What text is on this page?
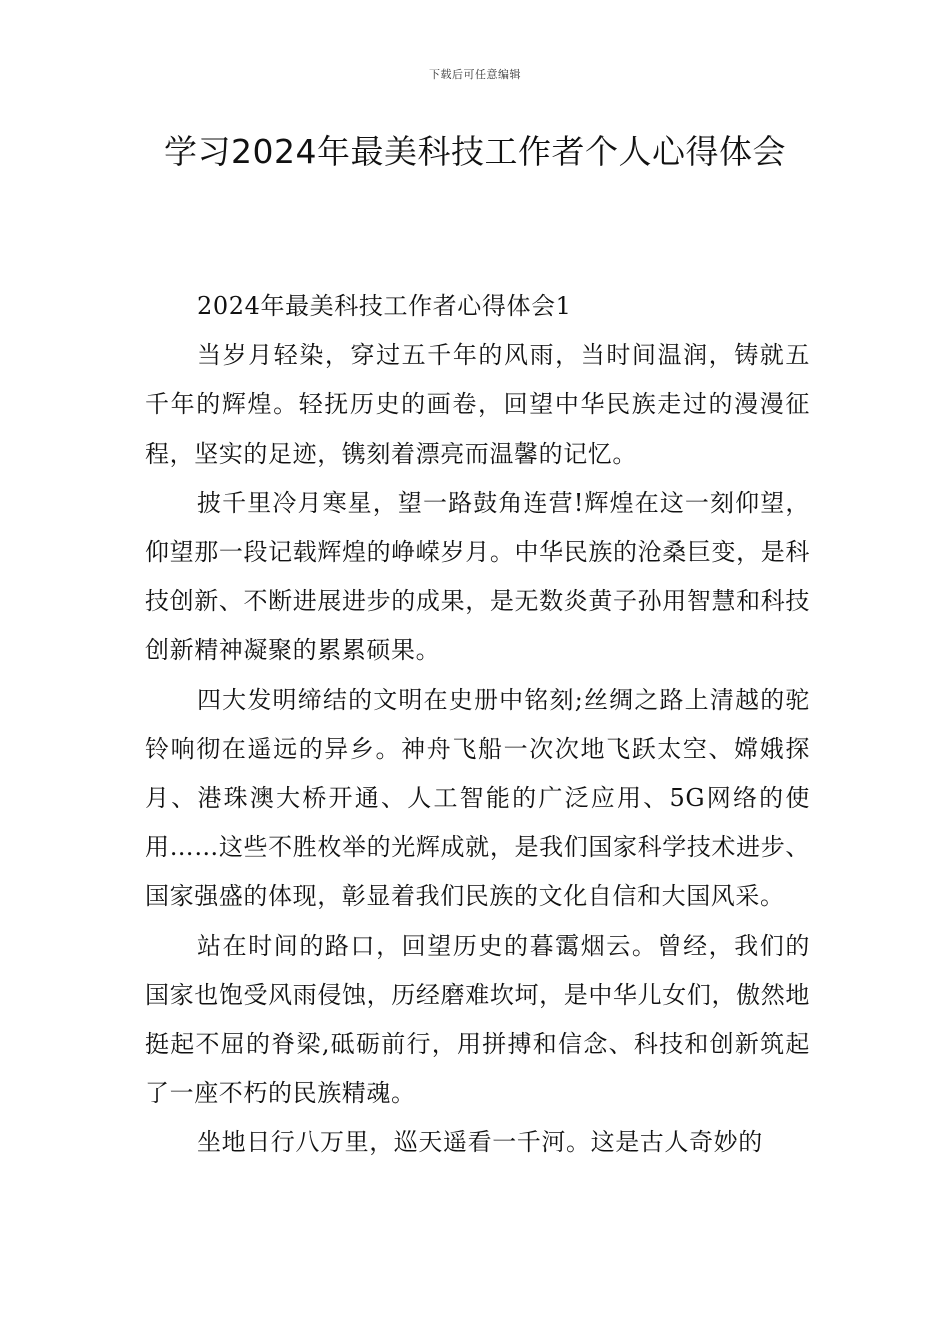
下载后可任意编辑
学习2024年最美科技工作者个人心得体会

2024年最美科技工作者心得体会1

当岁月轻染，穿过五千年的风雨，当时间温润，铸就五千年的辉煌。轻抚历史的画卷，回望中华民族走过的漫漫征程，坚实的足迹，镌刻着漂亮而温馨的记忆。

披千里冷月寒星，望一路鼓角连营!辉煌在这一刻仰望，仰望那一段记载辉煌的峥嵘岁月。中华民族的沧桑巨变，是科技创新、不断进展进步的成果，是无数炎黄子孙用智慧和科技创新精神凝聚的累累硕果。

四大发明缔结的文明在史册中铭刻;丝绸之路上清越的驼铃响彻在遥远的异乡。神舟飞船一次次地飞跃太空、嫦娥探月、港珠澳大桥开通、人工智能的广泛应用、5G网络的使用……这些不胜枚举的光辉成就，是我们国家科学技术进步、国家强盛的体现，彰显着我们民族的文化自信和大国风采。

站在时间的路口，回望历史的暮霭烟云。曾经，我们的国家也饱受风雨侵蚀，历经磨难坎坷，是中华儿女们，傲然地挺起不屈的脊梁,砥砺前行，用拼搏和信念、科技和创新筑起了一座不朽的民族精魂。

坐地日行八万里，巡天遥看一千河。这是古人奇妙的
